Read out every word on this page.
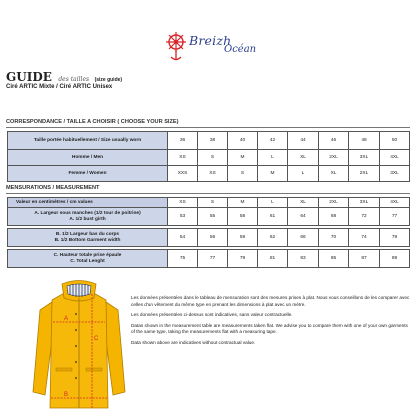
Breizh
Océan
GUIDE des tailles (size guide)
Ciré ARTIC Mixte / Ciré ARTIC Unisex
CORRESPONDANCE / TAILLE A CHOISIR ( CHOOSE YOUR SIZE)
Taille portée habituellement / Size usually worn	36	38	40	42	44	46	48	50
Homme / Men	XS	S	M	L	XL	2XL	3XL	4XL
Femme / Women	XXS	XS	S	M	L	XL	2XL	3XL
MENSURATIONS / MEASUREMENT
Valeur en centimètres / cm values	XS	S	M	L	XL	2XL	3XL	4XL

A. Largeur sous manches (1/2 tour de poitrine)
A. 1/2 bust girth	53	55	58	61	64	68	72	77

B. 1/2 Largeur bas du corps
B. 1/2 Bottom Garment width	54	56	59	62	66	70	74	79

C. Hauteur totale prise épaule
C. Total Lenght	75	77	79	81	83	85	87	89
A
B
C

Les données présentées dans le tableau de mensuration sont des mesures prises à plat. Nous vous conseillons de les comparer avec celles d'un vêtement du même type en prenant les dimensions à plat avec un mètre.

Les données présentées ci-dessus sont indicatives, sans valeur contractuelle.

Datas shown in the measurement table are measurements taken flat. We advise you to compare them with one of your own garments of the same type, taking the measurements flat with a measuring tape.

Data shown above are indicatives without contractual value.
